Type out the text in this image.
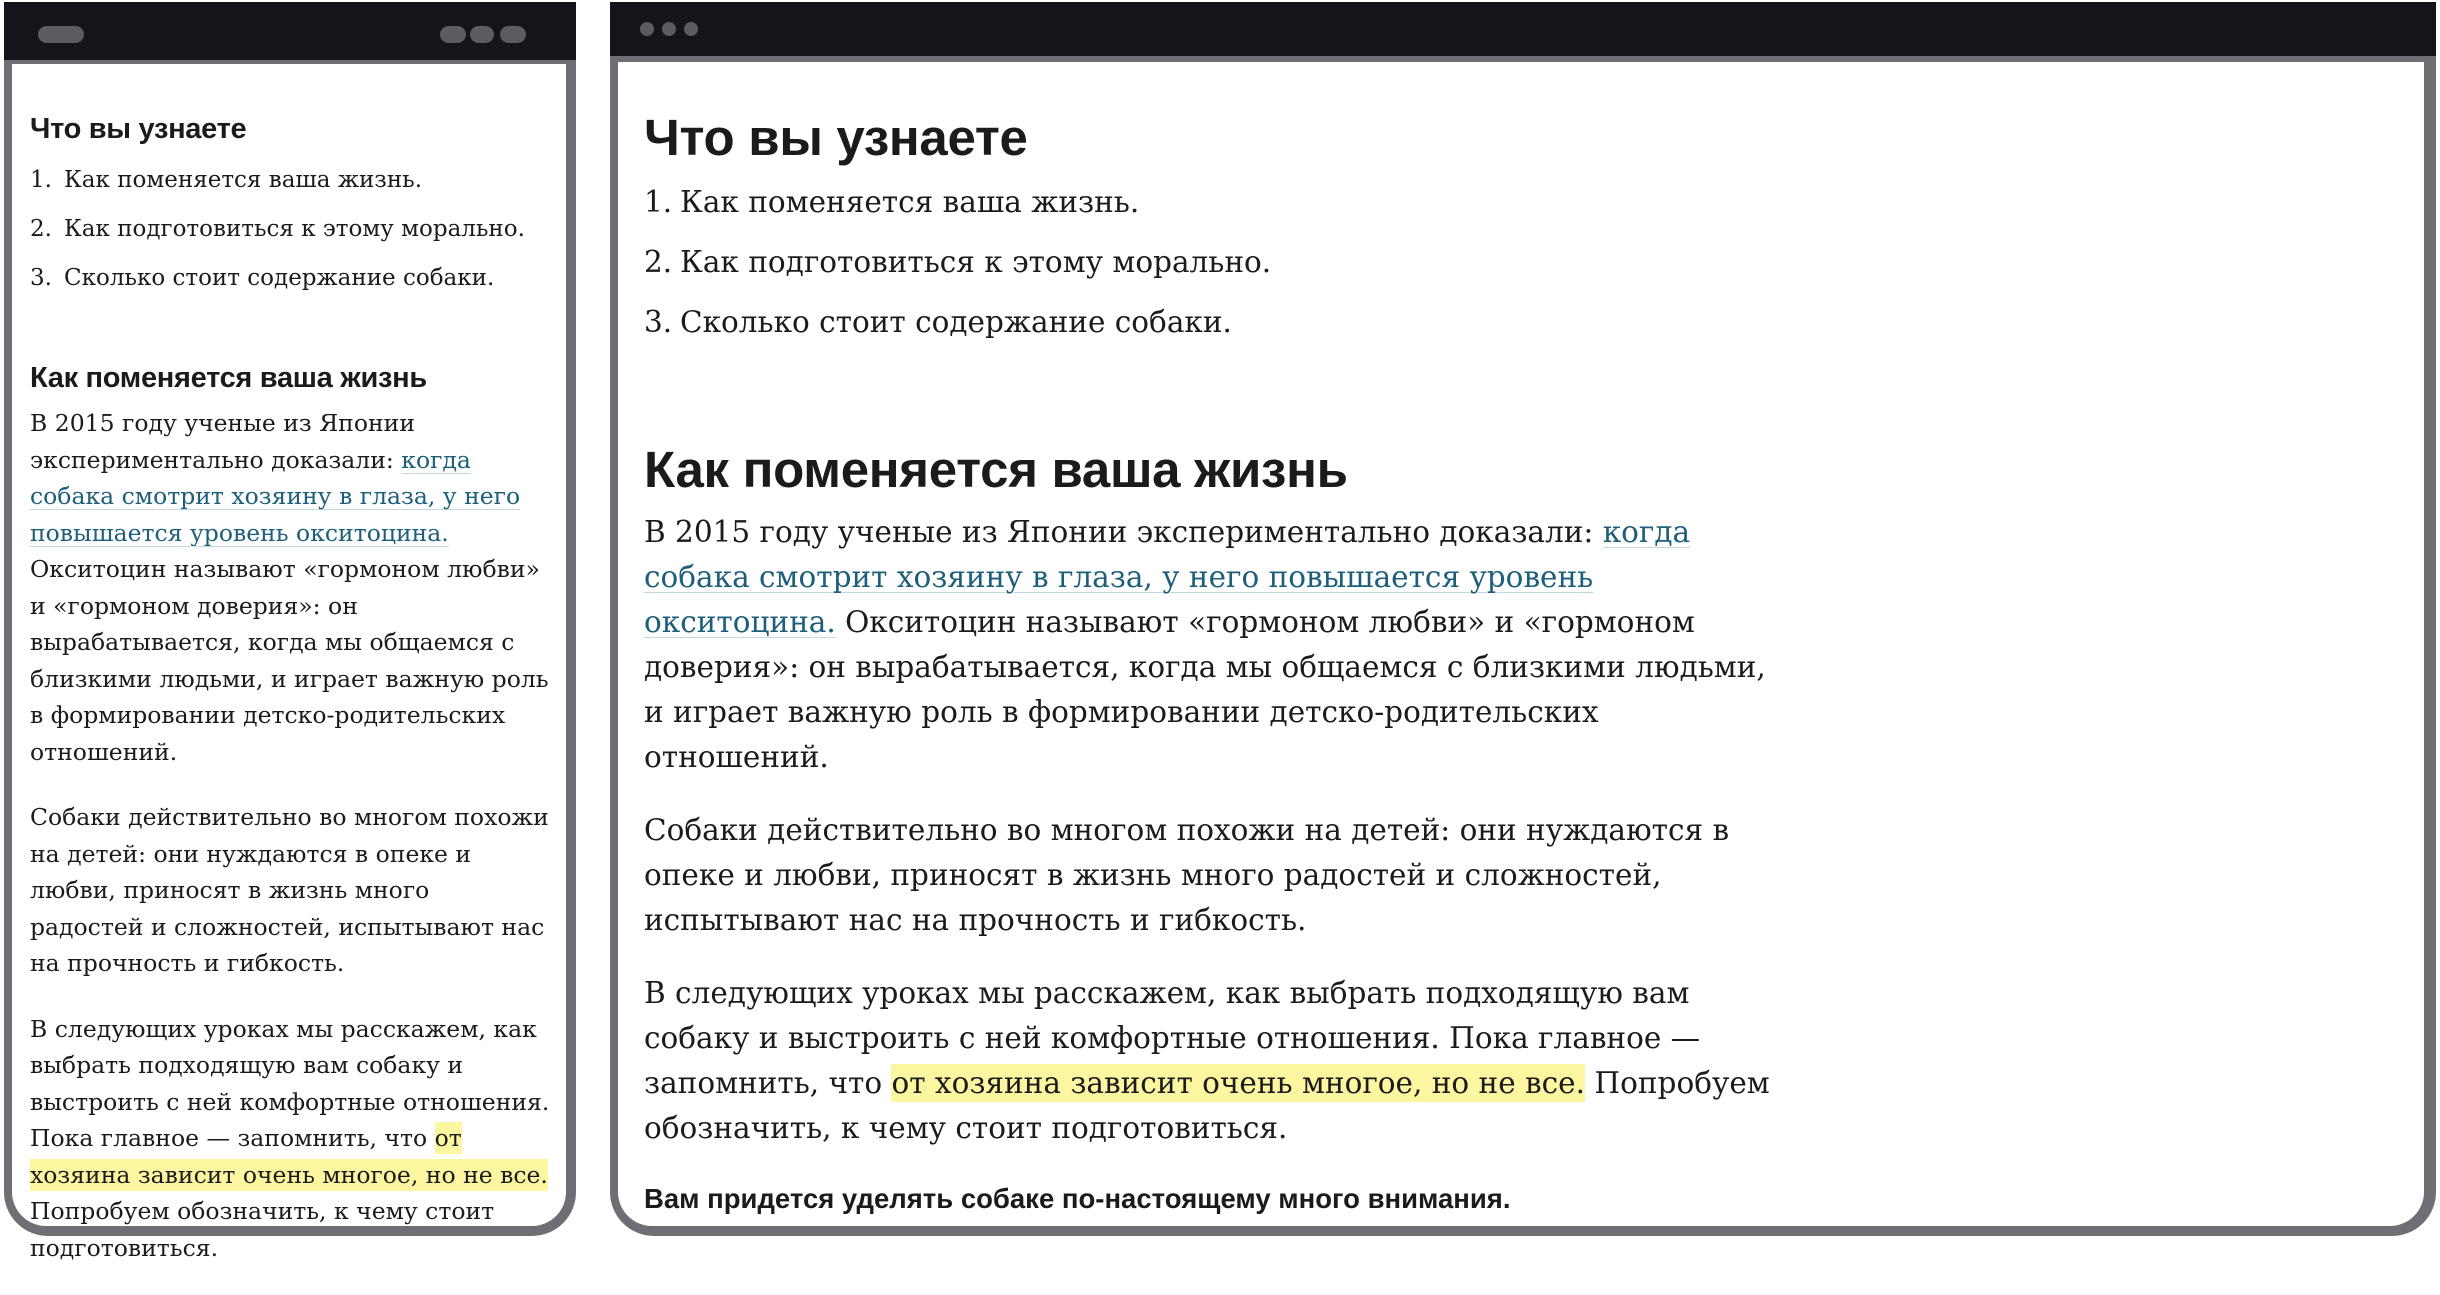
Что вы узнаете
1. Как поменяется ваша жизнь.
2. Как подготовиться к этому морально.
3. Сколько стоит содержание собаки.
Как поменяется ваша жизнь

В 2015 году ученые из Японии экспериментально доказали: когда собака смотрит хозяину в глаза, у него повышается уровень окситоцина. Окситоцин называют «гормоном любви» и «гормоном доверия»: он вырабатывается, когда мы общаемся с близкими людьми, и играет важную роль в формировании детско-родительских отношений.

Собаки действительно во многом похожи на детей: они нуждаются в опеке и любви, приносят в жизнь много радостей и сложностей, испытывают нас на прочность и гибкость.

В следующих уроках мы расскажем, как выбрать подходящую вам собаку и выстроить с ней комфортные отношения. Пока главное — запомнить, что от хозяина зависит очень многое, но не все. Попробуем обозначить, к чему стоит подготовиться.

Что вы узнаете
1. Как поменяется ваша жизнь.
2. Как подготовиться к этому морально.
3. Сколько стоит содержание собаки.
Как поменяется ваша жизнь

В 2015 году ученые из Японии экспериментально доказали: когда собака смотрит хозяину в глаза, у него повышается уровень окситоцина. Окситоцин называют «гормоном любви» и «гормоном доверия»: он вырабатывается, когда мы общаемся с близкими людьми, и играет важную роль в формировании детско-родительских отношений.

Собаки действительно во многом похожи на детей: они нуждаются в опеке и любви, приносят в жизнь много радостей и сложностей, испытывают нас на прочность и гибкость.

В следующих уроках мы расскажем, как выбрать подходящую вам собаку и выстроить с ней комфортные отношения. Пока главное — запомнить, что от хозяина зависит очень многое, но не все. Попробуем обозначить, к чему стоит подготовиться.

Вам придется уделять собаке по-настоящему много внимания.
